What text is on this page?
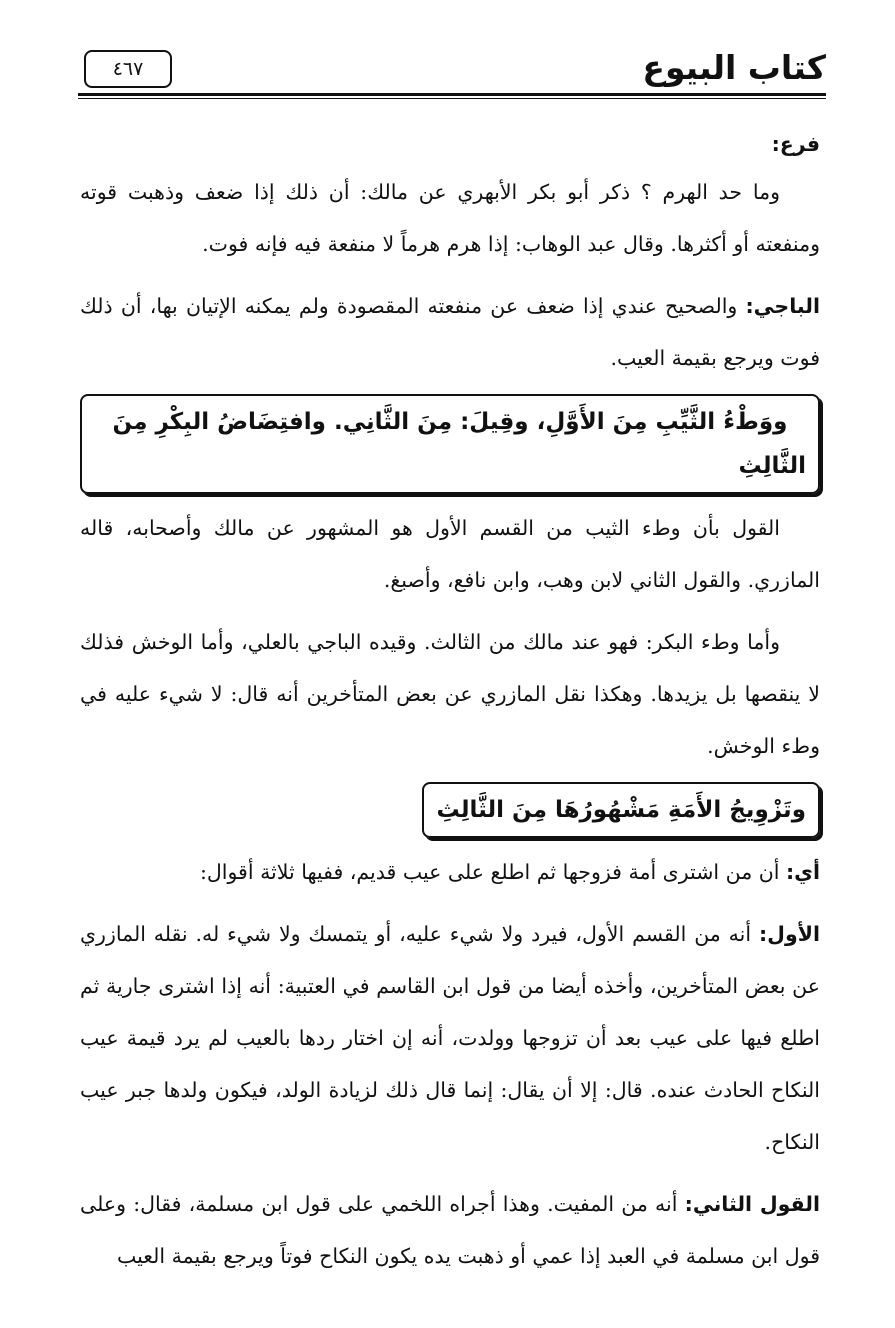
كتاب البيوع
٤٦٧

فرع:

وما حد الهرم ؟ ذكر أبو بكر الأبهري عن مالك: أن ذلك إذا ضعف وذهبت قوته ومنفعته أو أكثرها. وقال عبد الوهاب: إذا هرم هرماً لا منفعة فيه فإنه فوت.

الباجي: والصحيح عندي إذا ضعف عن منفعته المقصودة ولم يمكنه الإتيان بها، أن ذلك فوت ويرجع بقيمة العيب.

ووَطْءُ الثَّيِّبِ مِنَ الأَوَّلِ، وقِيلَ: مِنَ الثَّانِي. وافتِضَاضُ البِكْرِ مِنَ الثَّالِثِ

القول بأن وطء الثيب من القسم الأول هو المشهور عن مالك وأصحابه، قاله المازري. والقول الثاني لابن وهب، وابن نافع، وأصبغ.

وأما وطء البكر: فهو عند مالك من الثالث. وقيده الباجي بالعلي، وأما الوخش فذلك لا ينقصها بل يزيدها. وهكذا نقل المازري عن بعض المتأخرين أنه قال: لا شيء عليه في وطء الوخش.

وتَزْوِيجُ الأَمَةِ مَشْهُورُهَا مِنَ الثَّالِثِ

أي: أن من اشترى أمة فزوجها ثم اطلع على عيب قديم، ففيها ثلاثة أقوال:

الأول: أنه من القسم الأول، فيرد ولا شيء عليه، أو يتمسك ولا شيء له. نقله المازري عن بعض المتأخرين، وأخذه أيضا من قول ابن القاسم في العتبية: أنه إذا اشترى جارية ثم اطلع فيها على عيب بعد أن تزوجها وولدت، أنه إن اختار ردها بالعيب لم يرد قيمة عيب النكاح الحادث عنده. قال: إلا أن يقال: إنما قال ذلك لزيادة الولد، فيكون ولدها جبر عيب النكاح.

القول الثاني: أنه من المفيت. وهذا أجراه اللخمي على قول ابن مسلمة، فقال: وعلى قول ابن مسلمة في العبد إذا عمي أو ذهبت يده يكون النكاح فوتاً ويرجع بقيمة العيب
